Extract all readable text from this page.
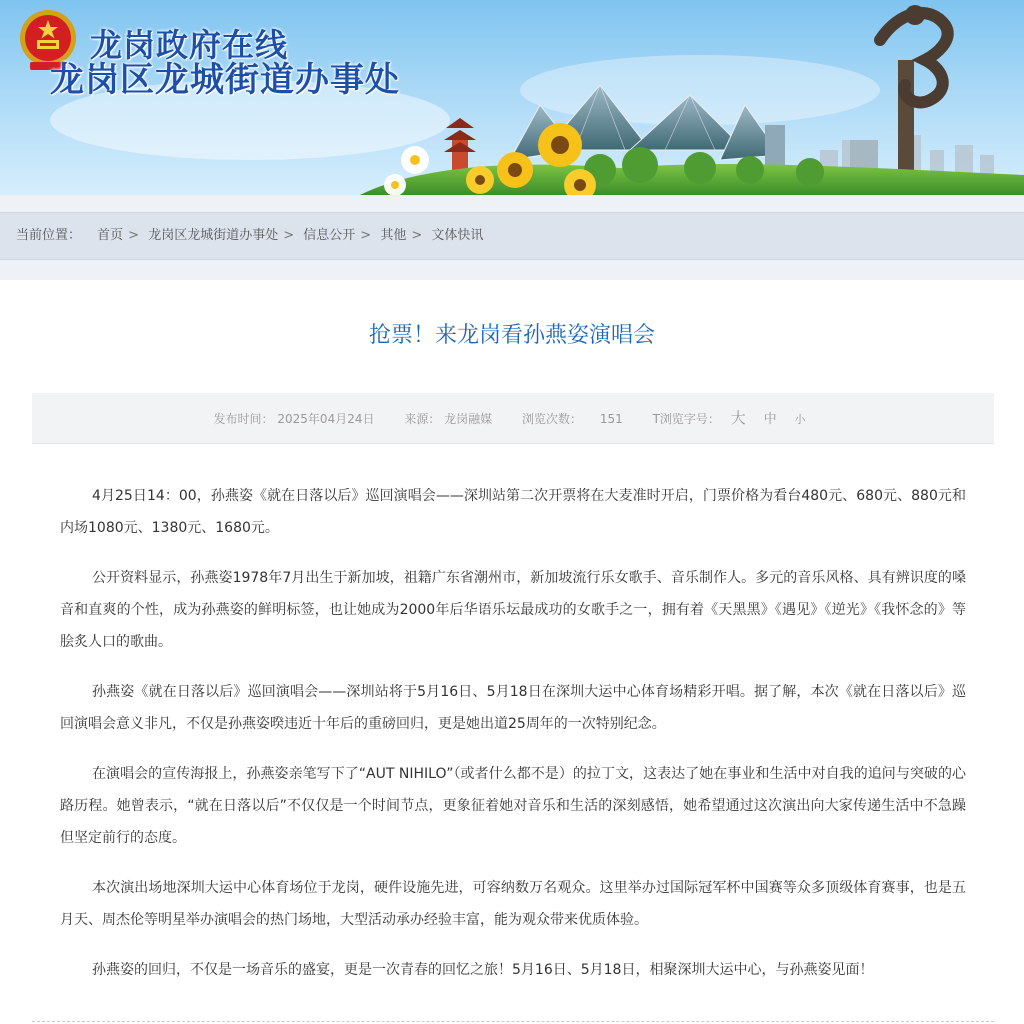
龙岗政府在线
龙岗区龙城街道办事处
当前位置： 首页 > 龙岗区龙城街道办事处 > 信息公开 > 其他 > 文体快讯
抢票！来龙岗看孙燕姿演唱会
发布时间： 2025年04月24日 来源： 龙岗融媒 浏览次数： 151 T浏览字号： 大 中 小

4月25日14：00，孙燕姿《就在日落以后》巡回演唱会——深圳站第二次开票将在大麦准时开启，门票价格为看台480元、680元、880元和内场1080元、1380元、1680元。

公开资料显示，孙燕姿1978年7月出生于新加坡，祖籍广东省潮州市，新加坡流行乐女歌手、音乐制作人。多元的音乐风格、具有辨识度的嗓音和直爽的个性，成为孙燕姿的鲜明标签，也让她成为2000年后华语乐坛最成功的女歌手之一，拥有着《天黑黑》《遇见》《逆光》《我怀念的》等脍炙人口的歌曲。

孙燕姿《就在日落以后》巡回演唱会——深圳站将于5月16日、5月18日在深圳大运中心体育场精彩开唱。据了解，本次《就在日落以后》巡回演唱会意义非凡，不仅是孙燕姿暌违近十年后的重磅回归，更是她出道25周年的一次特别纪念。

在演唱会的宣传海报上，孙燕姿亲笔写下了“AUT NIHILO”（或者什么都不是）的拉丁文，这表达了她在事业和生活中对自我的追问与突破的心路历程。她曾表示，“就在日落以后”不仅仅是一个时间节点，更象征着她对音乐和生活的深刻感悟，她希望通过这次演出向大家传递生活中不急躁但坚定前行的态度。

本次演出场地深圳大运中心体育场位于龙岗，硬件设施先进，可容纳数万名观众。这里举办过国际冠军杯中国赛等众多顶级体育赛事，也是五月天、周杰伦等明星举办演唱会的热门场地，大型活动承办经验丰富，能为观众带来优质体验。

孙燕姿的回归，不仅是一场音乐的盛宴，更是一次青春的回忆之旅！5月16日、5月18日，相聚深圳大运中心，与孙燕姿见面！
